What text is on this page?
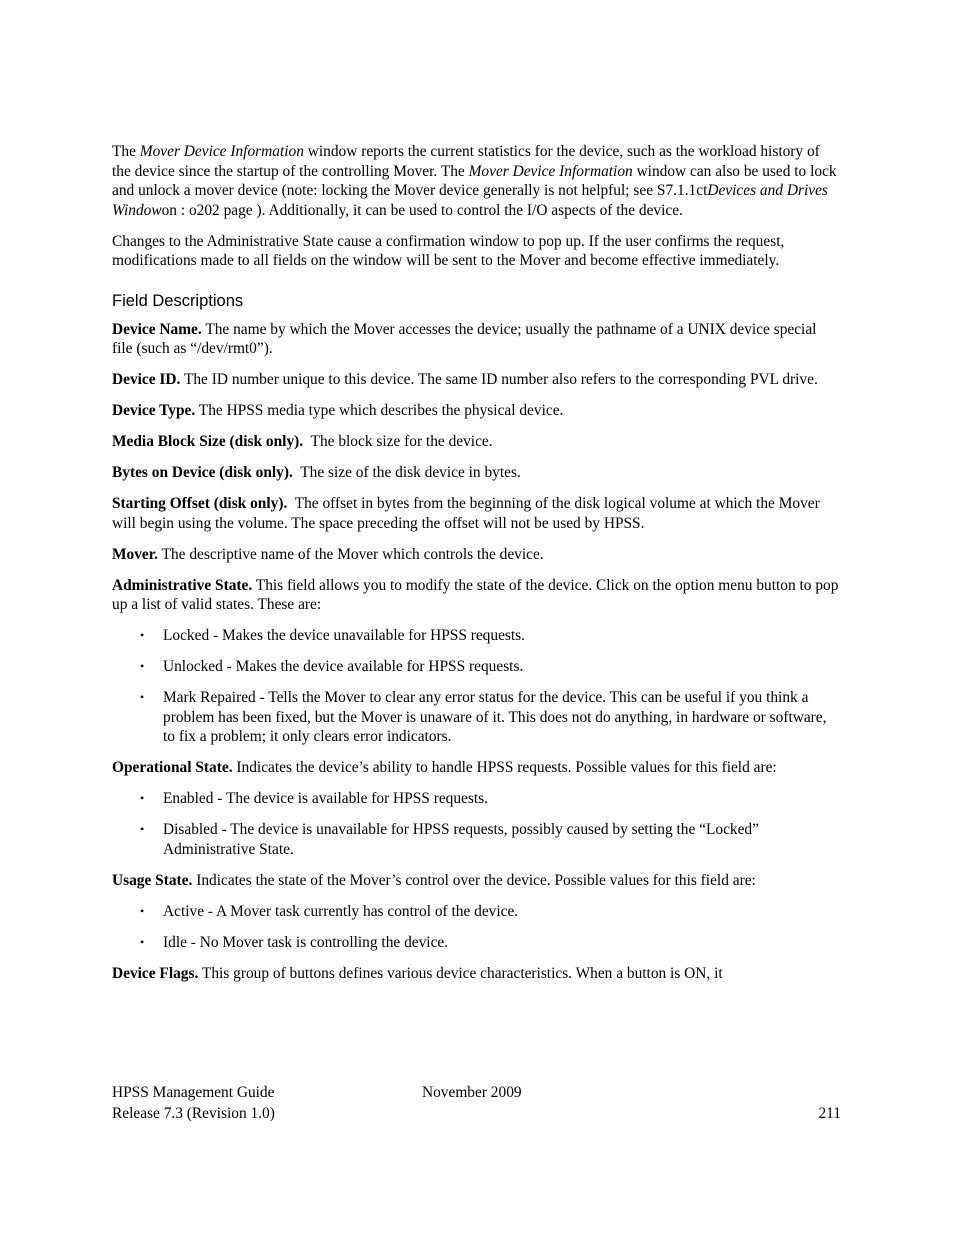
The Mover Device Information window reports the current statistics for the device, such as the workload history of the device since the startup of the controlling Mover. The Mover Device Information window can also be used to lock and unlock a mover device (note: locking the Mover device generally is not helpful; see S7.1.1ctDevices and Drives Windowon : o202 page ). Additionally, it can be used to control the I/O aspects of the device.

Changes to the Administrative State cause a confirmation window to pop up. If the user confirms the request, modifications made to all fields on the window will be sent to the Mover and become effective immediately.

Field Descriptions

Device Name. The name by which the Mover accesses the device; usually the pathname of a UNIX device special file (such as “/dev/rmt0”).

Device ID. The ID number unique to this device. The same ID number also refers to the corresponding PVL drive.

Device Type. The HPSS media type which describes the physical device.

Media Block Size (disk only).  The block size for the device.

Bytes on Device (disk only).  The size of the disk device in bytes.

Starting Offset (disk only).  The offset in bytes from the beginning of the disk logical volume at which the Mover will begin using the volume. The space preceding the offset will not be used by HPSS.

Mover. The descriptive name of the Mover which controls the device.

Administrative State. This field allows you to modify the state of the device. Click on the option menu button to pop up a list of valid states. These are:

• Locked - Makes the device unavailable for HPSS requests.
• Unlocked - Makes the device available for HPSS requests.
• Mark Repaired - Tells the Mover to clear any error status for the device. This can be useful if you think a problem has been fixed, but the Mover is unaware of it. This does not do anything, in hardware or software, to fix a problem; it only clears error indicators.

Operational State. Indicates the device’s ability to handle HPSS requests. Possible values for this field are:

• Enabled - The device is available for HPSS requests.
• Disabled - The device is unavailable for HPSS requests, possibly caused by setting the “Locked” Administrative State.

Usage State. Indicates the state of the Mover’s control over the device. Possible values for this field are:

• Active - A Mover task currently has control of the device.
• Idle - No Mover task is controlling the device.

Device Flags. This group of buttons defines various device characteristics. When a button is ON, it

HPSS Management Guide	November 2009
Release 7.3 (Revision 1.0)	211
